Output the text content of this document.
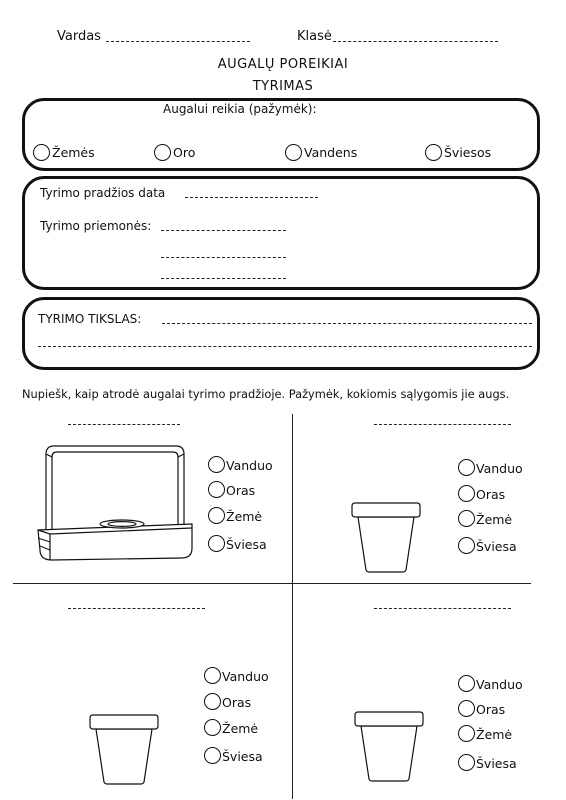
Vardas	Klasė
AUGALŲ POREIKIAI
TYRIMAS
Augalui reikia (pažymėk):
Žemės	Oro	Vandens	Šviesos
Tyrimo pradžios data
Tyrimo priemonės:
TYRIMO TIKSLAS:
Nupiešk, kaip atrodė augalai tyrimo pradžioje. Pažymėk, kokiomis sąlygomis jie augs.
Vanduo
Oras
Žemė
Šviesa
Vanduo
Oras
Žemė
Šviesa
Vanduo
Oras
Žemė
Šviesa
Vanduo
Oras
Žemė
Šviesa
